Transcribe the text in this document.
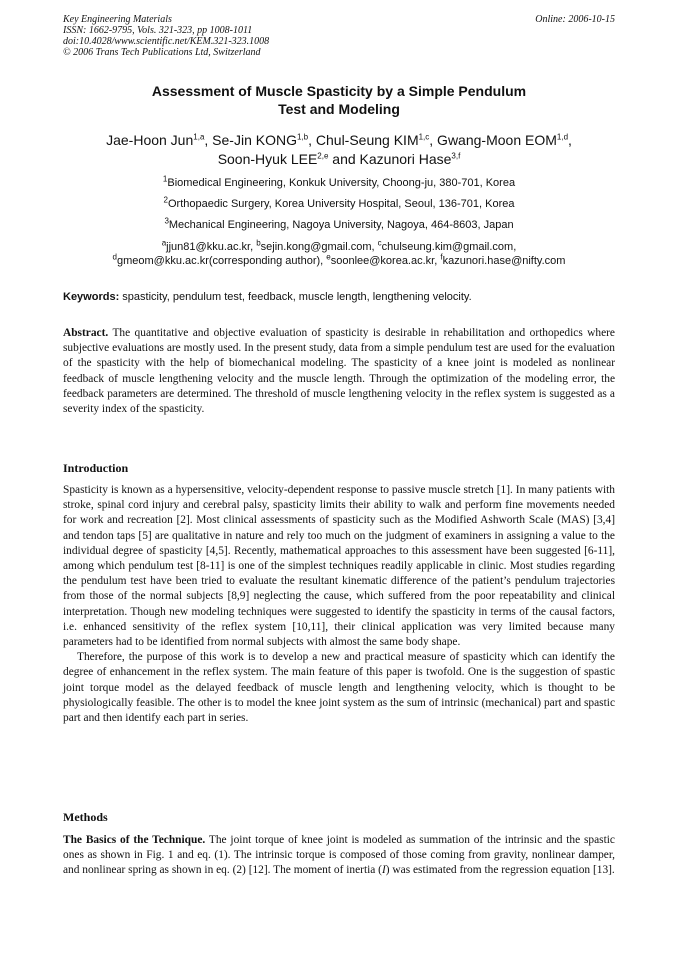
Key Engineering Materials
ISSN: 1662-9795, Vols. 321-323, pp 1008-1011
doi:10.4028/www.scientific.net/KEM.321-323.1008
© 2006 Trans Tech Publications Ltd, Switzerland
Online: 2006-10-15
Assessment of Muscle Spasticity by a Simple Pendulum
Test and Modeling
Jae-Hoon Jun$^{1,a}$, Se-Jin KONG$^{1,b}$, Chul-Seung KIM$^{1,c}$, Gwang-Moon EOM$^{1,d}$,
Soon-Hyuk LEE$^{2,e}$ and Kazunori Hase$^{3,f}$
$^1$Biomedical Engineering, Konkuk University, Choong-ju, 380-701, Korea
$^2$Orthopaedic Surgery, Korea University Hospital, Seoul, 136-701, Korea
$^3$Mechanical Engineering, Nagoya University, Nagoya, 464-8603, Japan
$^a$jjun81@kku.ac.kr, $^b$sejin.kong@gmail.com, $^c$chulseung.kim@gmail.com,
$^d$gmeom@kku.ac.kr(corresponding author), $^e$soonlee@korea.ac.kr, $^f$kazunori.hase@nifty.com
Keywords: spasticity, pendulum test, feedback, muscle length, lengthening velocity.
Abstract. The quantitative and objective evaluation of spasticity is desirable in rehabilitation and orthopedics where subjective evaluations are mostly used. In the present study, data from a simple pendulum test are used for the evaluation of the spasticity with the help of biomechanical modeling. The spasticity of a knee joint is modeled as nonlinear feedback of muscle lengthening velocity and the muscle length. Through the optimization of the modeling error, the feedback parameters are determined. The threshold of muscle lengthening velocity in the reflex system is suggested as a severity index of the spasticity.
Introduction
Spasticity is known as a hypersensitive, velocity-dependent response to passive muscle stretch [1]. In many patients with stroke, spinal cord injury and cerebral palsy, spasticity limits their ability to walk and perform fine movements needed for work and recreation [2]. Most clinical assessments of spasticity such as the Modified Ashworth Scale (MAS) [3,4] and tendon taps [5] are qualitative in nature and rely too much on the judgment of examiners in assigning a value to the individual degree of spasticity [4,5]. Recently, mathematical approaches to this assessment have been suggested [6-11], among which pendulum test [8-11] is one of the simplest techniques readily applicable in clinic. Most studies regarding the pendulum test have been tried to evaluate the resultant kinematic difference of the patient’s pendulum trajectories from those of the normal subjects [8,9] neglecting the cause, which suffered from the poor repeatability and clinical interpretation. Though new modeling techniques were suggested to identify the spasticity in terms of the causal factors, i.e. enhanced sensitivity of the reflex system [10,11], their clinical application was very limited because many parameters had to be identified from normal subjects with almost the same body shape.
Therefore, the purpose of this work is to develop a new and practical measure of spasticity which can identify the degree of enhancement in the reflex system. The main feature of this paper is twofold. One is the suggestion of spastic joint torque model as the delayed feedback of muscle length and lengthening velocity, which is thought to be physiologically feasible. The other is to model the knee joint system as the sum of intrinsic (mechanical) part and spastic part and then identify each part in series.
Methods
The Basics of the Technique. The joint torque of knee joint is modeled as summation of the intrinsic and the spastic ones as shown in Fig. 1 and eq. (1). The intrinsic torque is composed of those coming from gravity, nonlinear damper, and nonlinear spring as shown in eq. (2) [12]. The moment of inertia (I) was estimated from the regression equation [13].
